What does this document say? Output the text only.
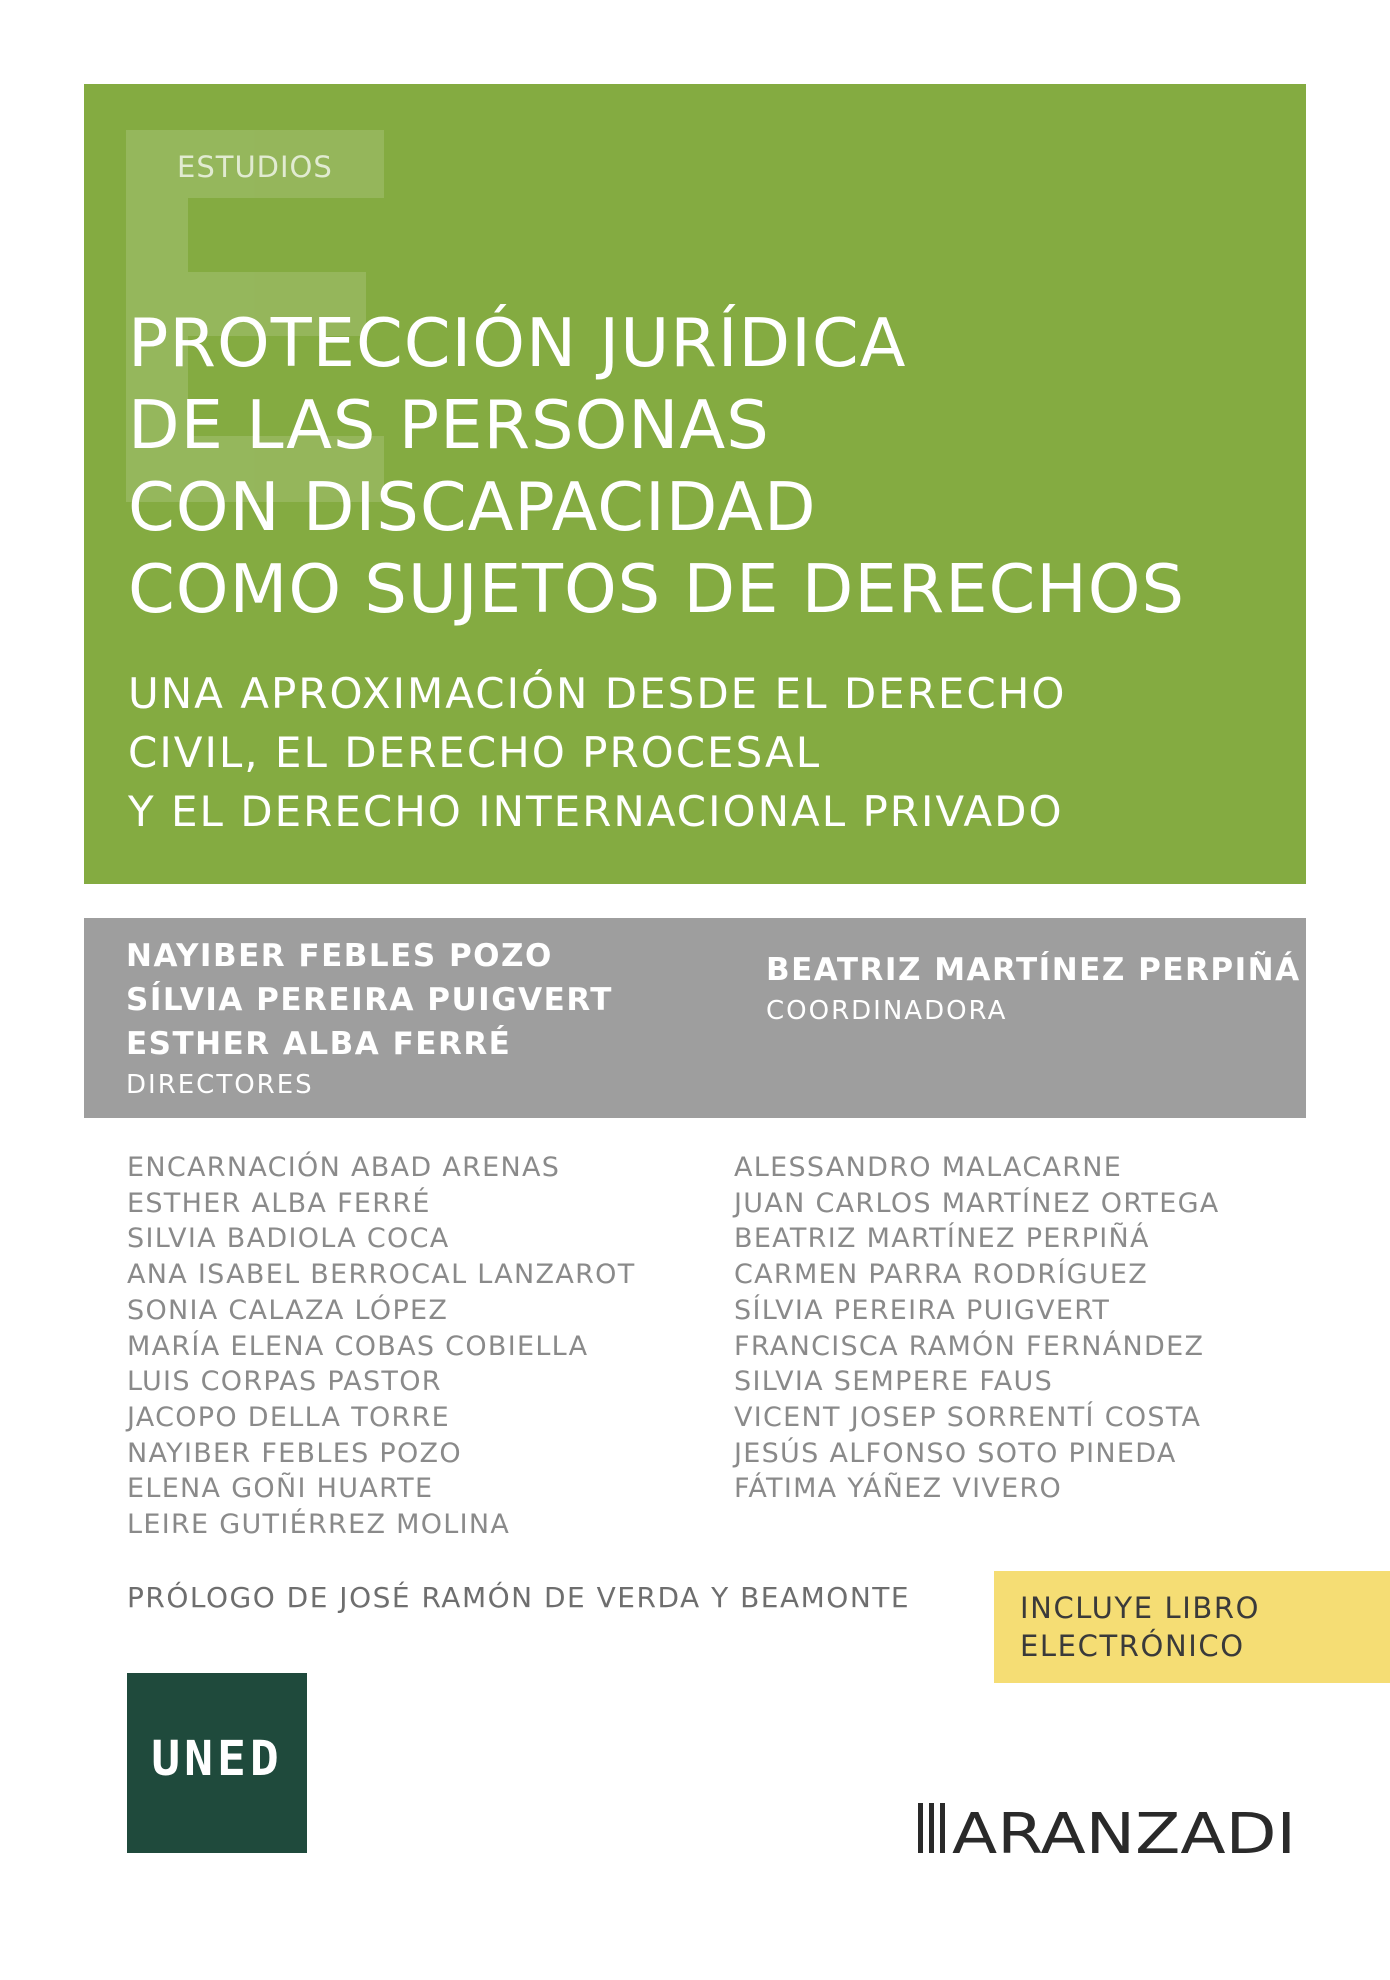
ESTUDIOS
PROTECCIÓN JURÍDICA
DE LAS PERSONAS
CON DISCAPACIDAD
COMO SUJETOS DE DERECHOS
UNA APROXIMACIÓN DESDE EL DERECHO
CIVIL, EL DERECHO PROCESAL
Y EL DERECHO INTERNACIONAL PRIVADO
NAYIBER FEBLES POZO
SÍLVIA PEREIRA PUIGVERT
ESTHER ALBA FERRÉ
DIRECTORES
BEATRIZ MARTÍNEZ PERPIÑÁ
COORDINADORA
ENCARNACIÓN ABAD ARENAS
ESTHER ALBA FERRÉ
SILVIA BADIOLA COCA
ANA ISABEL BERROCAL LANZAROT
SONIA CALAZA LÓPEZ
MARÍA ELENA COBAS COBIELLA
LUIS CORPAS PASTOR
JACOPO DELLA TORRE
NAYIBER FEBLES POZO
ELENA GOÑI HUARTE
LEIRE GUTIÉRREZ MOLINA
ALESSANDRO MALACARNE
JUAN CARLOS MARTÍNEZ ORTEGA
BEATRIZ MARTÍNEZ PERPIÑÁ
CARMEN PARRA RODRÍGUEZ
SÍLVIA PEREIRA PUIGVERT
FRANCISCA RAMÓN FERNÁNDEZ
SILVIA SEMPERE FAUS
VICENT JOSEP SORRENTÍ COSTA
JESÚS ALFONSO SOTO PINEDA
FÁTIMA YÁÑEZ VIVERO
PRÓLOGO DE JOSÉ RAMÓN DE VERDA Y BEAMONTE	INCLUYE LIBRO
ELECTRÓNICO
UNED
ARANZADI
